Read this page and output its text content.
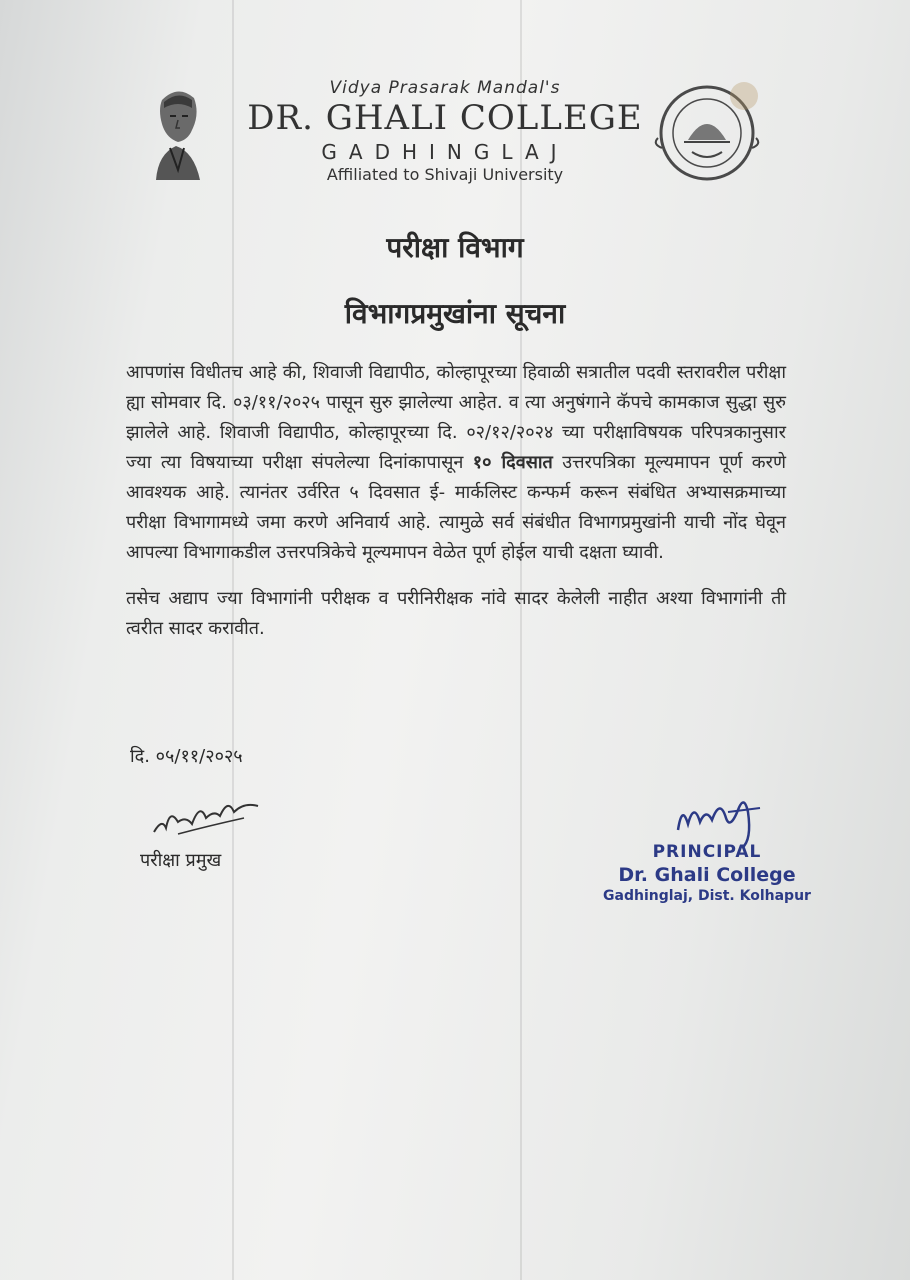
Vidya Prasarak Mandal's
DR. GHALI COLLEGE
GADHINGLAJ
Affiliated to Shivaji University
परीक्षा विभाग
विभागप्रमुखांना सूचना

आपणांस विधीतच आहे की, शिवाजी विद्यापीठ, कोल्हापूरच्या हिवाळी सत्रातील पदवी स्तरावरील परीक्षा ह्या सोमवार दि. ०३/११/२०२५ पासून सुरु झालेल्या आहेत. व त्या अनुषंगाने कॅपचे कामकाज सुद्धा सुरु झालेले आहे. शिवाजी विद्यापीठ, कोल्हापूरच्या दि. ०२/१२/२०२४ च्या परीक्षाविषयक परिपत्रकानुसार ज्या त्या विषयाच्या परीक्षा संपलेल्या दिनांकापासून १० दिवसात उत्तरपत्रिका मूल्यमापन पूर्ण करणे आवश्यक आहे. त्यानंतर उर्वरित ५ दिवसात ई- मार्कलिस्ट कन्फर्म करून संबंधित अभ्यासक्रमाच्या परीक्षा विभागामध्ये जमा करणे अनिवार्य आहे. त्यामुळे सर्व संबंधीत विभागप्रमुखांनी याची नोंद घेवून आपल्या विभागाकडील उत्तरपत्रिकेचे मूल्यमापन वेळेत पूर्ण होईल याची दक्षता घ्यावी.

तसेच अद्याप ज्या विभागांनी परीक्षक व परीनिरीक्षक नांवे सादर केलेली नाहीत अश्या विभागांनी ती त्वरीत सादर करावीत.

दि. ०५/११/२०२५
परीक्षा प्रमुख	PRINCIPAL
Dr. Ghali College
Gadhinglaj, Dist. Kolhapur
